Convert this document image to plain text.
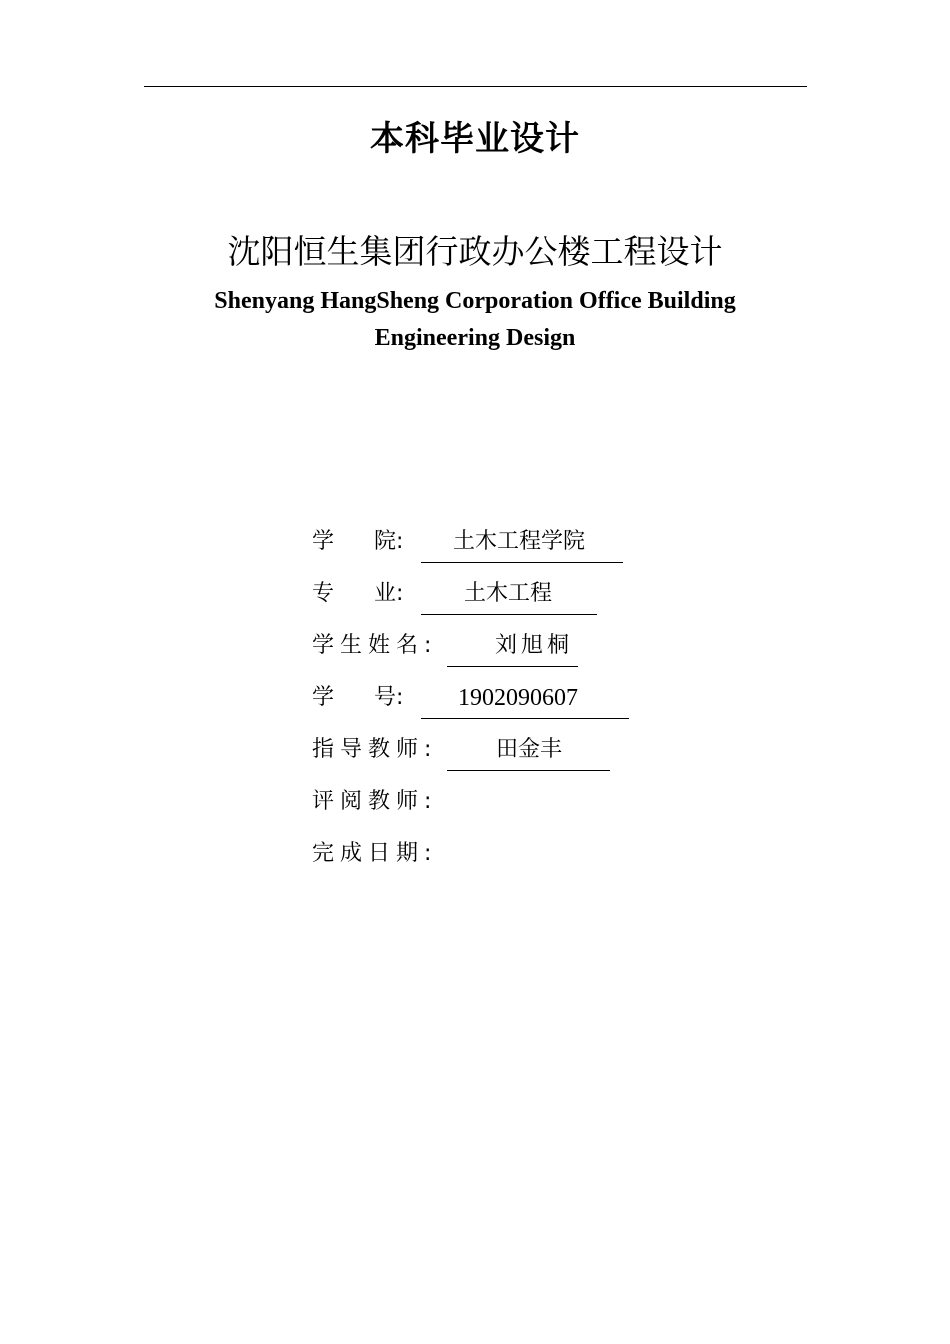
本科毕业设计
沈阳恒生集团行政办公楼工程设计
Shenyang HangSheng Corporation Office Building
Engineering Design
学 院: 土木工程学院
专 业:	土木工程
学生姓名:	刘旭桐
学 号: 1902090607
指导教师:	田金丰
评阅教师:
完成日期:
